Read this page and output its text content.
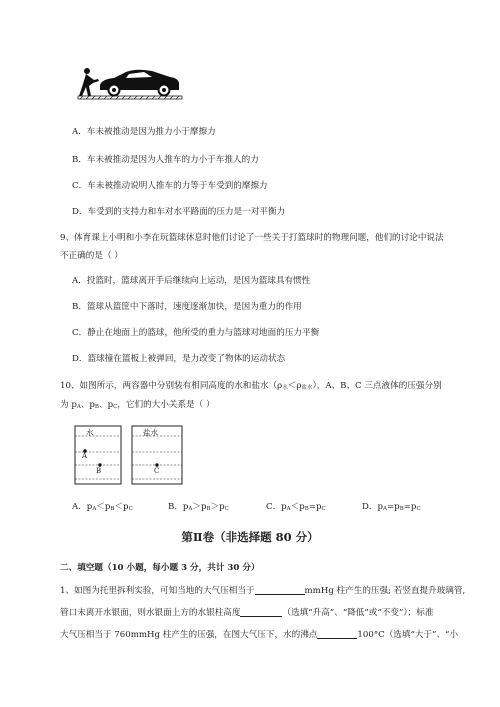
A．车未被推动是因为推力小于摩擦力
B．车未被推动是因为人推车的力小于车推人的力
C．车未被推动说明人推车的力等于车受到的摩擦力
D．车受到的支持力和车对水平路面的压力是一对平衡力
9、体育课上小明和小李在玩篮球休息时他们讨论了一些关于打篮球时的物理问题，他们的讨论中说法
不正确的是（ ）
A．投篮时，篮球离开手后继续向上运动，是因为篮球具有惯性
B．篮球从篮筐中下落时，速度逐渐加快，是因为重力的作用
C．静止在地面上的篮球，他所受的重力与篮球对地面的压力平衡
D．篮球撞在篮板上被弹回，是力改变了物体的运动状态
10、如图所示，两容器中分别装有相同高度的水和盐水（ρ水＜ρ盐水），A、B、C 三点液体的压强分别
为 pA、pB、pC，它们的大小关系是（ ）
水	盐水
A
B	C
A．pA＜pB＜pC	B．pA＞pB＞pC	C．pA＜pB=pC	D．pA=pB=pC
第Ⅱ卷（非选择题 80 分）
二、填空题（10 小题，每小题 3 分，共计 30 分）
1、如图为托里拆利实验，可知当地的大气压相当于	mmHg 柱产生的压强; 若竖直提升玻璃管,
管口未离开水银面，则水银面上方的水银柱高度	（选填“升高”、“降低”或“不变”）；标准
大气压相当于 760mmHg 柱产生的压强，在图大气压下，水的沸点	100°C（选填“大于”、“小
